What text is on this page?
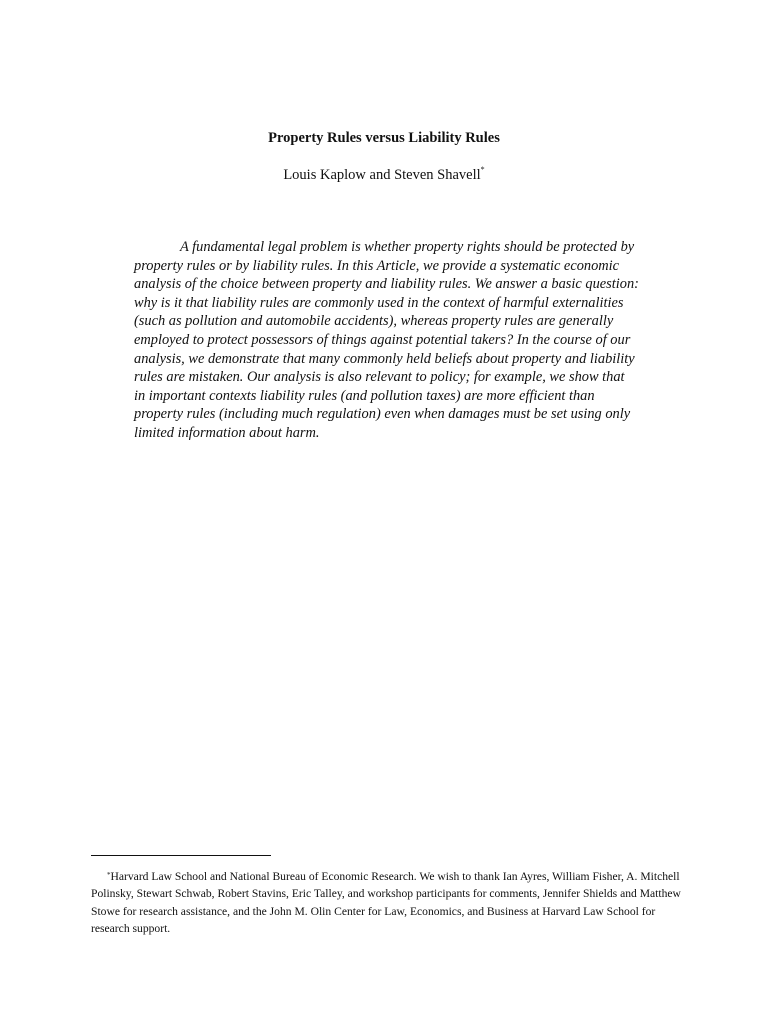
Property Rules versus Liability Rules
Louis Kaplow and Steven Shavell*

A fundamental legal problem is whether property rights should be protected by property rules or by liability rules. In this Article, we provide a systematic economic analysis of the choice between property and liability rules. We answer a basic question: why is it that liability rules are commonly used in the context of harmful externalities (such as pollution and automobile accidents), whereas property rules are generally employed to protect possessors of things against potential takers? In the course of our analysis, we demonstrate that many commonly held beliefs about property and liability rules are mistaken. Our analysis is also relevant to policy; for example, we show that in important contexts liability rules (and pollution taxes) are more efficient than property rules (including much regulation) even when damages must be set using only limited information about harm.

*Harvard Law School and National Bureau of Economic Research. We wish to thank Ian Ayres, William Fisher, A. Mitchell Polinsky, Stewart Schwab, Robert Stavins, Eric Talley, and workshop participants for comments, Jennifer Shields and Matthew Stowe for research assistance, and the John M. Olin Center for Law, Economics, and Business at Harvard Law School for research support.
